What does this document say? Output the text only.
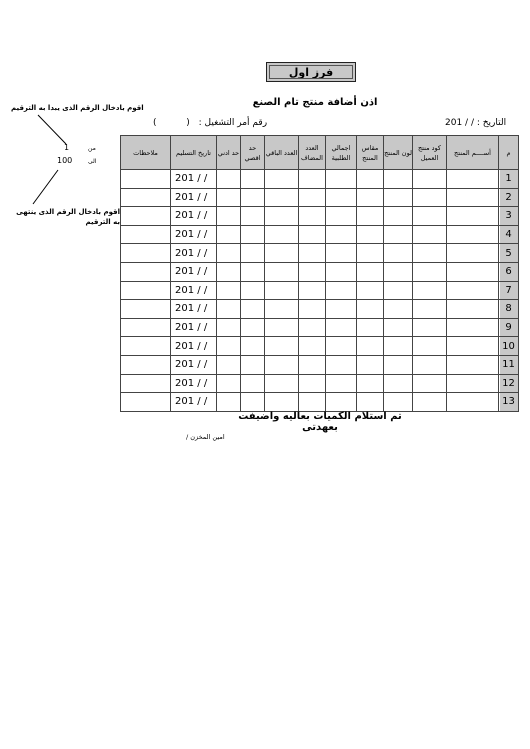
فرز اول
اذن أضافة منتج تام الصنع
التاريخ : / / 201
رقم أمر التشغيل : (  )
اقوم بادخال الرقم الذى يبدا به الترقيم
من
1
الى
100
اقوم بادخال الرقم الذى ينتهى به الترقيم
ملاحظات	تاريخ التسليم	حد ادني	حد اقصي	العدد الباقي	العدد المضاف	اجمالي الطلبية	مقاس المنتج	لون المنتج	كود منتج العميل	أســــم المنتج	م
	201 / /										1
	201 / /										2
	201 / /										3
	201 / /										4
	201 / /										5
	201 / /										6
	201 / /										7
	201 / /										8
	201 / /										9
	201 / /										10
	201 / /										11
	201 / /										12
	201 / /										13
تم استلام الكميات بعاليه واضيفت بعهدتى
امين المخزن /
